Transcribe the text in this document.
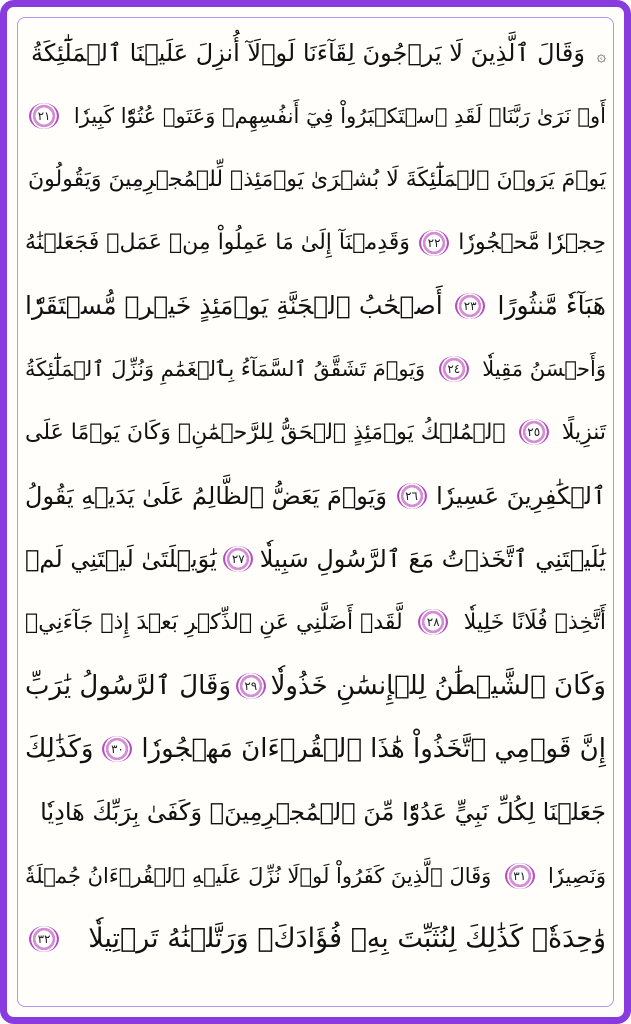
۞ وَقَالَ ٱلَّذِينَ لَا يَرۡجُونَ لِقَآءَنَا لَوۡلَآ أُنزِلَ عَلَيۡنَا ٱلۡمَلَٰٓئِكَةُ
أَوۡ نَرَىٰ رَبَّنَاۗ لَقَدِ ٱسۡتَكۡبَرُواْ فِيٓ أَنفُسِهِمۡ وَعَتَوۡ عُتُوّٗا كَبِيرٗا
٢١
يَوۡمَ يَرَوۡنَ ٱلۡمَلَٰٓئِكَةَ لَا بُشۡرَىٰ يَوۡمَئِذٖ لِّلۡمُجۡرِمِينَ وَيَقُولُونَ
حِجۡرٗا مَّحۡجُورٗا
٢٢
وَقَدِمۡنَآ إِلَىٰ مَا عَمِلُواْ مِنۡ عَمَلٖ فَجَعَلۡنَٰهُ
هَبَآءٗ مَّنثُورًا
٢٣
أَصۡحَٰبُ ٱلۡجَنَّةِ يَوۡمَئِذٍ خَيۡرٞ مُّسۡتَقَرّٗا
وَأَحۡسَنُ مَقِيلٗا
٢٤
وَيَوۡمَ تَشَقَّقُ ٱلسَّمَآءُ بِٱلۡغَمَٰمِ وَنُزِّلَ ٱلۡمَلَٰٓئِكَةُ
تَنزِيلًا
٢٥
ٱلۡمُلۡكُ يَوۡمَئِذٍ ٱلۡحَقُّ لِلرَّحۡمَٰنِۚ وَكَانَ يَوۡمًا عَلَى
ٱلۡكَٰفِرِينَ عَسِيرٗا
٢٦
وَيَوۡمَ يَعَضُّ ٱلظَّالِمُ عَلَىٰ يَدَيۡهِ يَقُولُ
يَٰلَيۡتَنِي ٱتَّخَذۡتُ مَعَ ٱلرَّسُولِ سَبِيلٗا
٢٧
يَٰوَيۡلَتَىٰ لَيۡتَنِي لَمۡ
أَتَّخِذۡ فُلَانًا خَلِيلٗا
٢٨
لَّقَدۡ أَضَلَّنِي عَنِ ٱلذِّكۡرِ بَعۡدَ إِذۡ جَآءَنِيۗ
وَكَانَ ٱلشَّيۡطَٰنُ لِلۡإِنسَٰنِ خَذُولٗا
٢٩
وَقَالَ ٱلرَّسُولُ يَٰرَبِّ
إِنَّ قَوۡمِي ٱتَّخَذُواْ هَٰذَا ٱلۡقُرۡءَانَ مَهۡجُورٗا
٣٠
وَكَذَٰلِكَ
جَعَلۡنَا لِكُلِّ نَبِيٍّ عَدُوّٗا مِّنَ ٱلۡمُجۡرِمِينَۗ وَكَفَىٰ بِرَبِّكَ هَادِيٗا
وَنَصِيرٗا
٣١
وَقَالَ ٱلَّذِينَ كَفَرُواْ لَوۡلَا نُزِّلَ عَلَيۡهِ ٱلۡقُرۡءَانُ جُمۡلَةٗ
وَٰحِدَةٗۚ كَذَٰلِكَ لِنُثَبِّتَ بِهِۦ فُؤَادَكَۖ وَرَتَّلۡنَٰهُ تَرۡتِيلٗا
٣٢
